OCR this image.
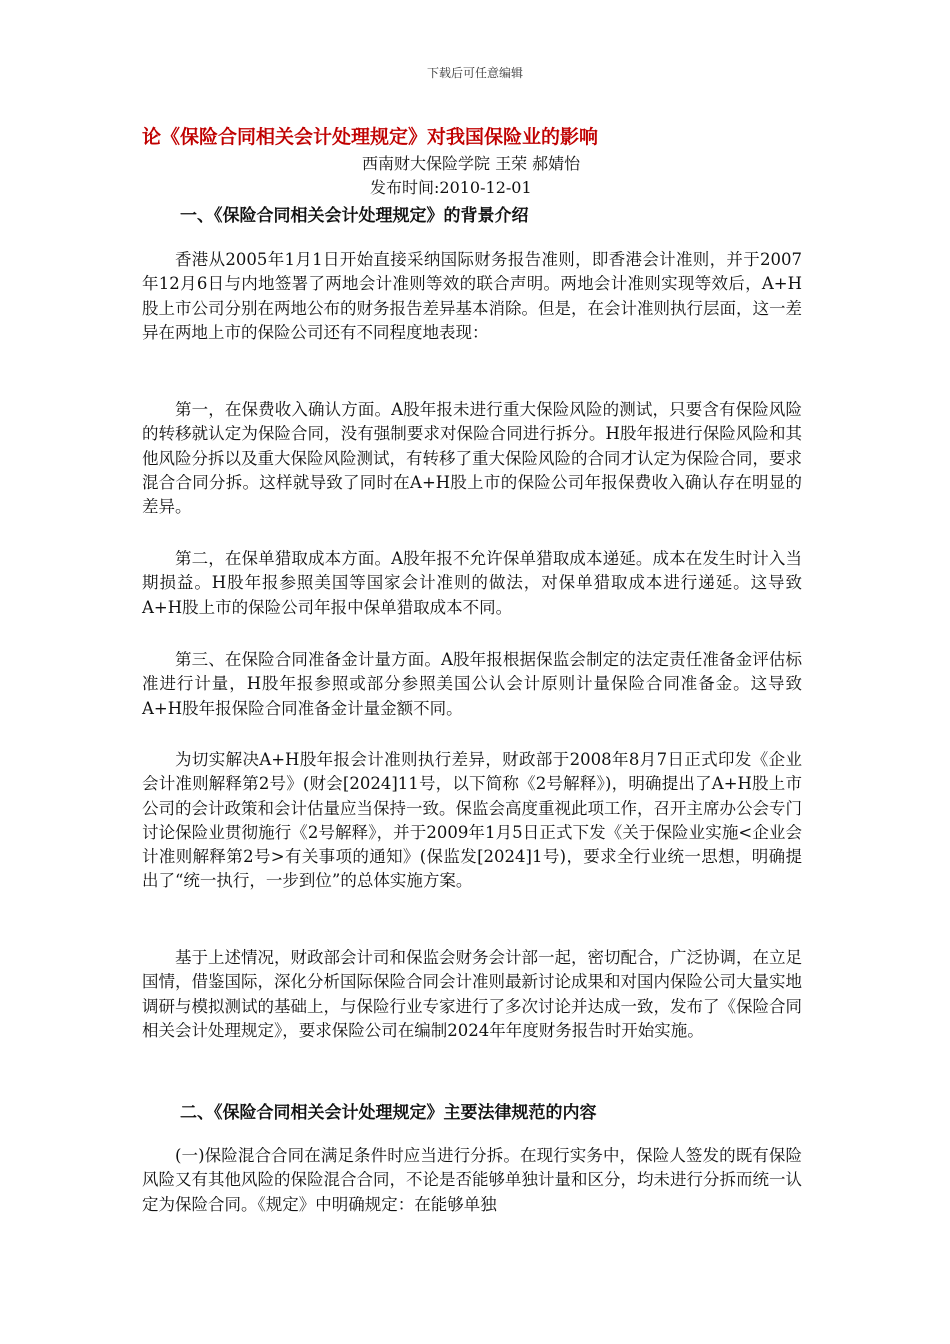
下载后可任意编辑
论《保险合同相关会计处理规定》对我国保险业的影响
西南财大保险学院 王荣 郝婧怡
发布时间:2010-12-01
一、《保险合同相关会计处理规定》的背景介绍

香港从2005年1月1日开始直接采纳国际财务报告准则，即香港会计准则，并于2007年12月6日与内地签署了两地会计准则等效的联合声明。两地会计准则实现等效后，A+H股上市公司分别在两地公布的财务报告差异基本消除。但是，在会计准则执行层面，这一差异在两地上市的保险公司还有不同程度地表现：

第一，在保费收入确认方面。A股年报未进行重大保险风险的测试，只要含有保险风险的转移就认定为保险合同，没有强制要求对保险合同进行拆分。H股年报进行保险风险和其他风险分拆以及重大保险风险测试，有转移了重大保险风险的合同才认定为保险合同，要求混合合同分拆。这样就导致了同时在A+H股上市的保险公司年报保费收入确认存在明显的差异。

第二，在保单猎取成本方面。A股年报不允许保单猎取成本递延。成本在发生时计入当期损益。H股年报参照美国等国家会计准则的做法，对保单猎取成本进行递延。这导致A+H股上市的保险公司年报中保单猎取成本不同。

第三、在保险合同准备金计量方面。A股年报根据保监会制定的法定责任准备金评估标准进行计量，H股年报参照或部分参照美国公认会计原则计量保险合同准备金。这导致A+H股年报保险合同准备金计量金额不同。

为切实解决A+H股年报会计准则执行差异，财政部于2008年8月7日正式印发《企业会计准则解释第2号》(财会[2024]11号，以下简称《2号解释》)，明确提出了A+H股上市公司的会计政策和会计估量应当保持一致。保监会高度重视此项工作，召开主席办公会专门讨论保险业贯彻施行《2号解释》，并于2009年1月5日正式下发《关于保险业实施<企业会计准则解释第2号>有关事项的通知》(保监发[2024]1号)，要求全行业统一思想，明确提出了“统一执行，一步到位”的总体实施方案。

基于上述情况，财政部会计司和保监会财务会计部一起，密切配合，广泛协调，在立足国情，借鉴国际，深化分析国际保险合同会计准则最新讨论成果和对国内保险公司大量实地调研与模拟测试的基础上，与保险行业专家进行了多次讨论并达成一致，发布了《保险合同相关会计处理规定》，要求保险公司在编制2024年年度财务报告时开始实施。

二、《保险合同相关会计处理规定》主要法律规范的内容

(一)保险混合合同在满足条件时应当进行分拆。在现行实务中，保险人签发的既有保险风险又有其他风险的保险混合合同，不论是否能够单独计量和区分，均未进行分拆而统一认定为保险合同。《规定》中明确规定：在能够单独
